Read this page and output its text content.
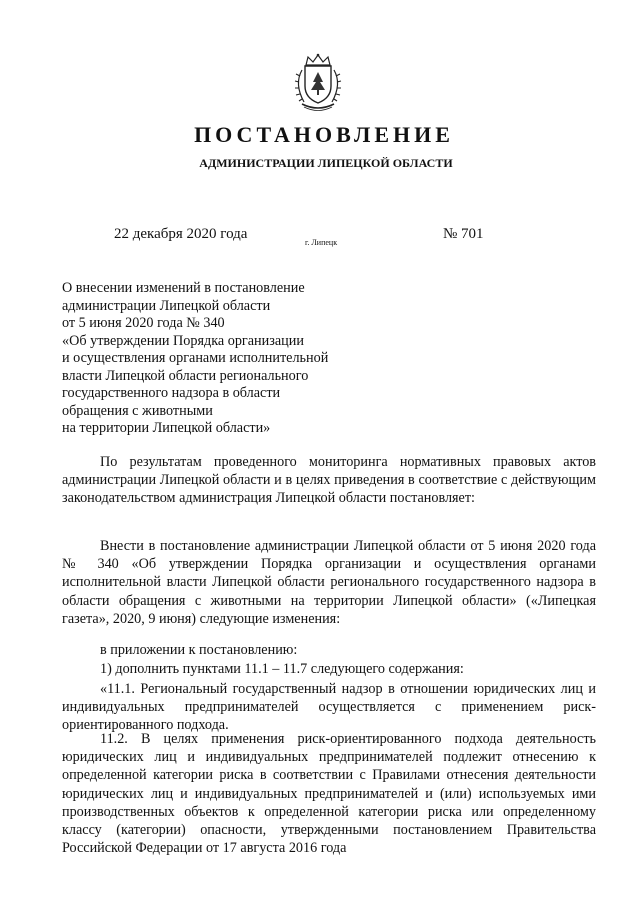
ПОСТАНОВЛЕНИЕ
АДМИНИСТРАЦИИ ЛИПЕЦКОЙ ОБЛАСТИ
22 декабря 2020 года
г. Липецк
№ 701
О внесении изменений в постановление
администрации Липецкой области
от 5 июня 2020 года № 340
«Об утверждении Порядка организации
и осуществления органами исполнительной
власти Липецкой области регионального
государственного надзора в области
обращения с животными
на территории Липецкой области»
По результатам проведенного мониторинга нормативных правовых актов администрации Липецкой области и в целях приведения в соответствие с действующим законодательством администрация Липецкой области постановляет:
Внести в постановление администрации Липецкой области от 5 июня 2020 года № 340 «Об утверждении Порядка организации и осуществления органами исполнительной власти Липецкой области регионального государственного надзора в области обращения с животными на территории Липецкой области» («Липецкая газета», 2020, 9 июня) следующие изменения:
в приложении к постановлению:
1) дополнить пунктами 11.1 – 11.7 следующего содержания:
«11.1. Региональный государственный надзор в отношении юридических лиц и индивидуальных предпринимателей осуществляется с применением риск-ориентированного подхода.
11.2. В целях применения риск-ориентированного подхода деятельность юридических лиц и индивидуальных предпринимателей подлежит отнесению к определенной категории риска в соответствии с Правилами отнесения деятельности юридических лиц и индивидуальных предпринимателей и (или) используемых ими производственных объектов к определенной категории риска или определенному классу (категории) опасности, утвержденными постановлением Правительства Российской Федерации от 17 августа 2016 года
